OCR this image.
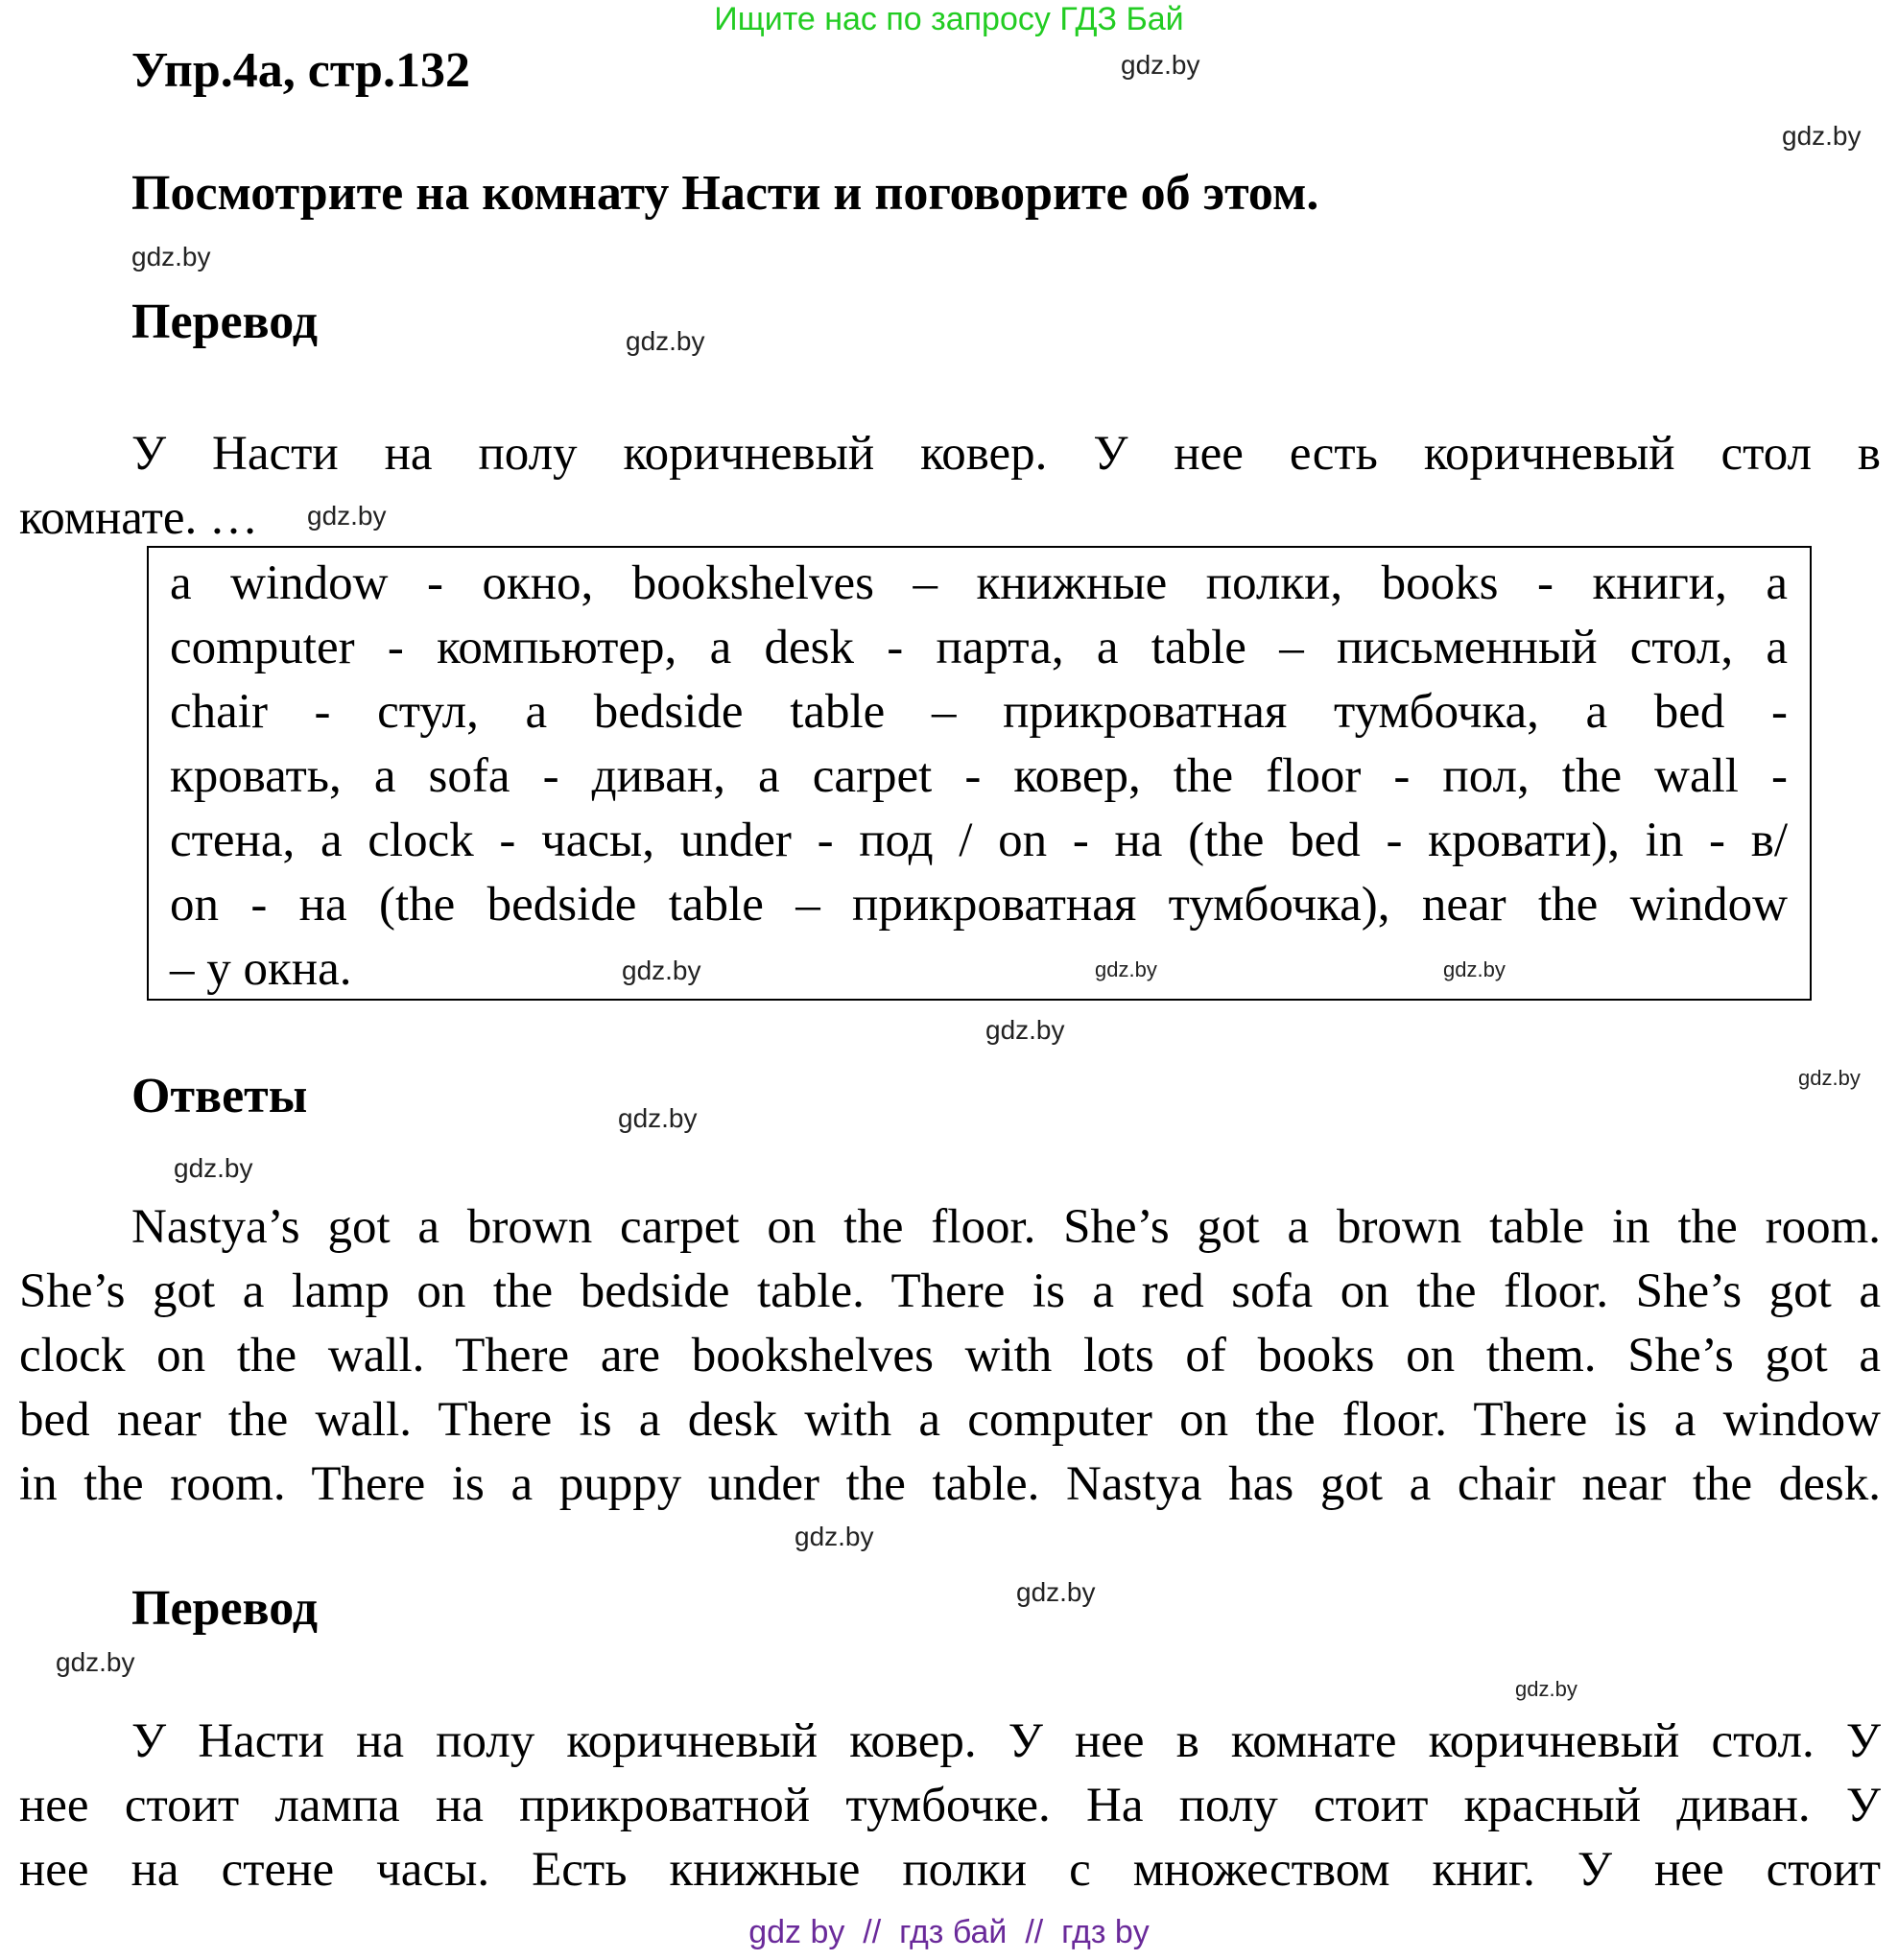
Ищите нас по запросу ГДЗ Бай
Упр.4а, стр.132
Посмотрите на комнату Насти и поговорите об этом.
Перевод
У Насти на полу коричневый ковер. У нее есть коричневый стол в
комнате. …
a window - окно, bookshelves – книжные полки, books - книги, a
computer - компьютер, a desk - парта, a table – письменный стол, a
chair - стул, a bedside table – прикроватная тумбочка, a bed -
кровать, a sofa - диван, a carpet - ковер, the floor - пол, the wall -
стена, a clock - часы, under - под / on - на (the bed - кровати), in - в/
on - на (the bedside table – прикроватная тумбочка), near the window
– у окна.
Ответы
Nastya’s got a brown carpet on the floor. She’s got a brown table in the room.
She’s got a lamp on the bedside table. There is a red sofa on the floor. She’s got a
clock on the wall. There are bookshelves with lots of books on them. She’s got a
bed near the wall. There is a desk with a computer on the floor. There is a window
in the room. There is a puppy under the table. Nastya has got a chair near the desk.
Перевод
У Насти на полу коричневый ковер. У нее в комнате коричневый стол. У
нее стоит лампа на прикроватной тумбочке. На полу стоит красный диван. У
нее на стене часы. Есть книжные полки с множеством книг. У нее стоит
gdz.by
gdz.by
gdz.by
gdz.by
gdz.by
gdz.by
gdz.by
gdz.by
gdz.by
gdz.by
gdz.by
gdz.by
gdz.by
gdz.by
gdz.by
gdz.by
gdz by  //  гдз бай  //  гдз by
